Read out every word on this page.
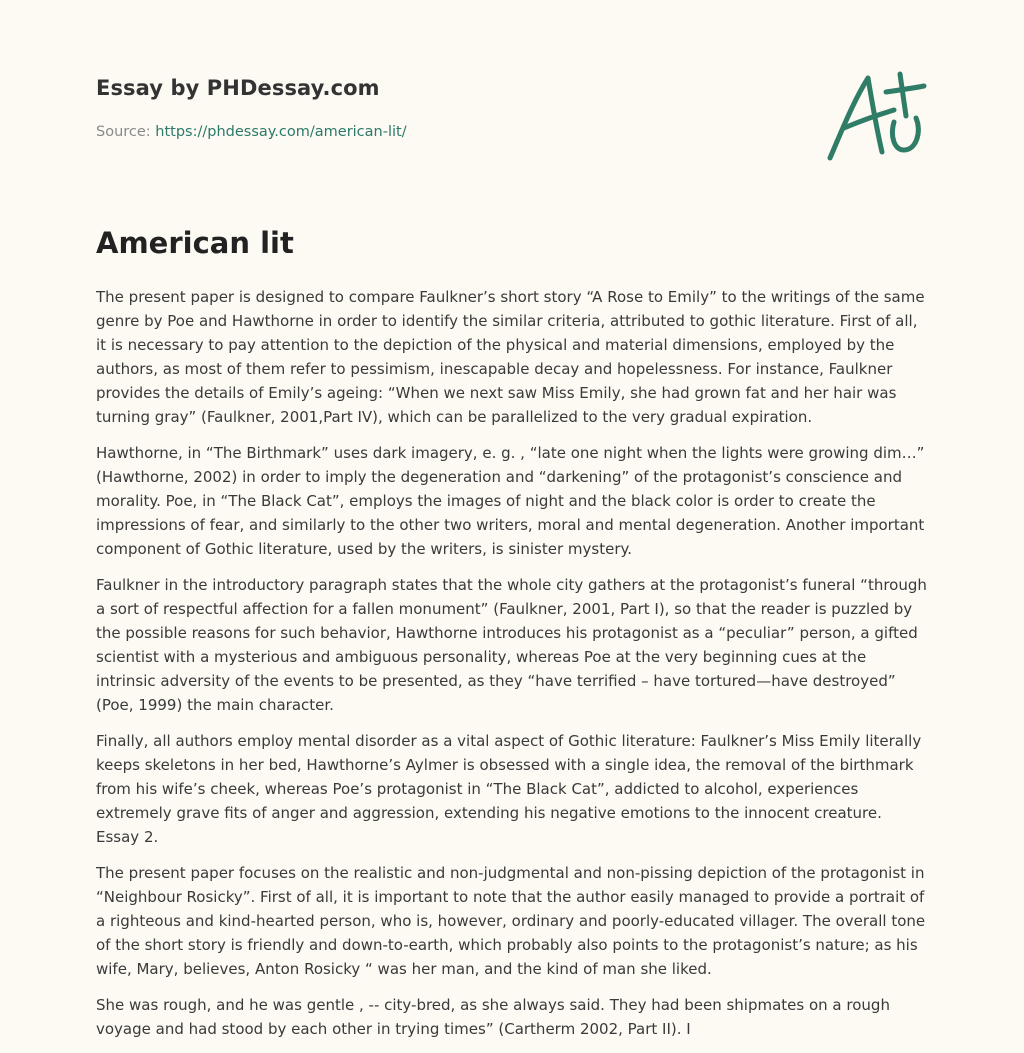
Essay by PHDessay.com

Source: https://phdessay.com/american-lit/

American lit

The present paper is designed to compare Faulkner’s short story “A Rose to Emily” to the writings of the same genre by Poe and Hawthorne in order to identify the similar criteria, attributed to gothic literature. First of all, it is necessary to pay attention to the depiction of the physical and material dimensions, employed by the authors, as most of them refer to pessimism, inescapable decay and hopelessness. For instance, Faulkner provides the details of Emily’s ageing: “When we next saw Miss Emily, she had grown fat and her hair was turning gray” (Faulkner, 2001,Part IV), which can be parallelized to the very gradual expiration.

Hawthorne, in “The Birthmark” uses dark imagery, e. g. , “late one night when the lights were growing dim…” (Hawthorne, 2002) in order to imply the degeneration and “darkening” of the protagonist’s conscience and morality. Poe, in “The Black Cat”, employs the images of night and the black color is order to create the impressions of fear, and similarly to the other two writers, moral and mental degeneration. Another important component of Gothic literature, used by the writers, is sinister mystery.

Faulkner in the introductory paragraph states that the whole city gathers at the protagonist’s funeral “through a sort of respectful affection for a fallen monument” (Faulkner, 2001, Part I), so that the reader is puzzled by the possible reasons for such behavior, Hawthorne introduces his protagonist as a “peculiar” person, a gifted scientist with a mysterious and ambiguous personality, whereas Poe at the very beginning cues at the intrinsic adversity of the events to be presented, as they “have terrified – have tortured—have destroyed” (Poe, 1999) the main character.

Finally, all authors employ mental disorder as a vital aspect of Gothic literature: Faulkner’s Miss Emily literally keeps skeletons in her bed, Hawthorne’s Aylmer is obsessed with a single idea, the removal of the birthmark from his wife’s cheek, whereas Poe’s protagonist in “The Black Cat”, addicted to alcohol, experiences extremely grave fits of anger and aggression, extending his negative emotions to the innocent creature. Essay 2.

The present paper focuses on the realistic and non-judgmental and non-pissing depiction of the protagonist in “Neighbour Rosicky”. First of all, it is important to note that the author easily managed to provide a portrait of a righteous and kind-hearted person, who is, however, ordinary and poorly-educated villager. The overall tone of the short story is friendly and down-to-earth, which probably also points to the protagonist’s nature; as his wife, Mary, believes, Anton Rosicky “ was her man, and the kind of man she liked.

She was rough, and he was gentle , -- city-bred, as she always said. They had been shipmates on a rough voyage and had stood by each other in trying times” (Cartherm 2002, Part II). I
